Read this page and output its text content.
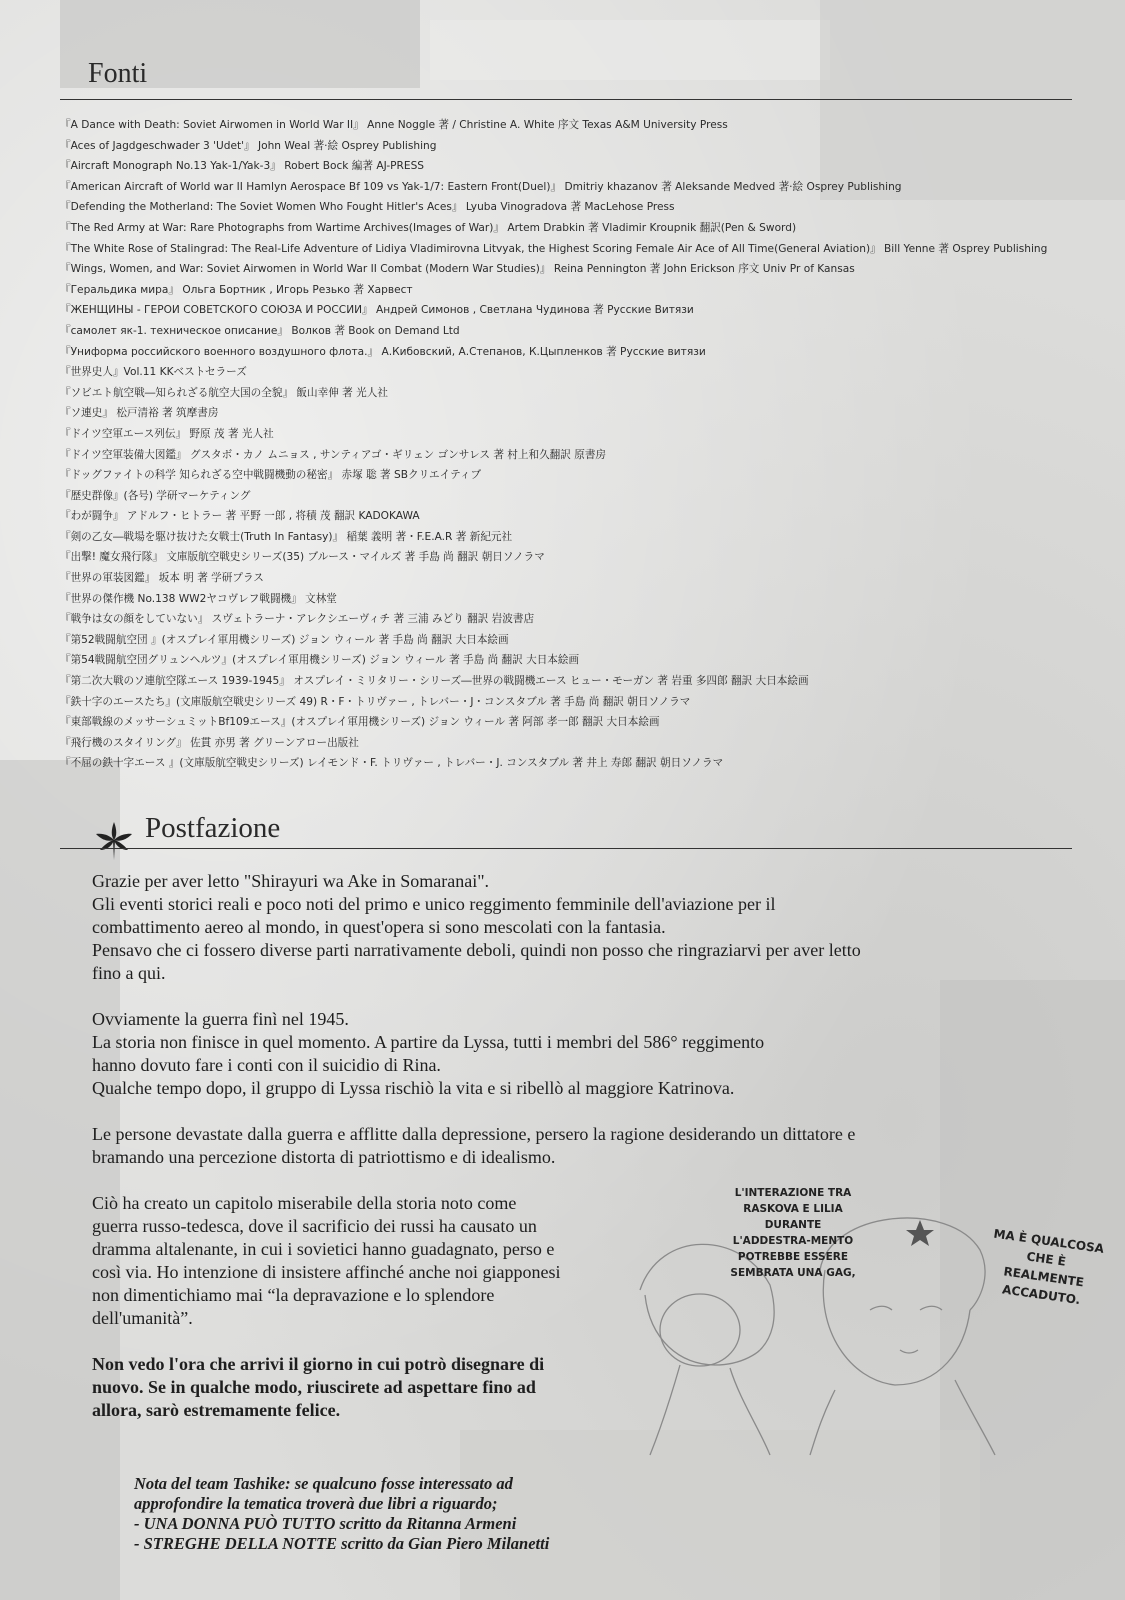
Fonti
『A Dance with Death: Soviet Airwomen in World War II』 Anne Noggle 著 / Christine A. White 序文 Texas A&M University Press
『Aces of Jagdgeschwader 3 'Udet'』 John Weal 著·絵 Osprey Publishing
『Aircraft Monograph No.13 Yak-1/Yak-3』 Robert Bock 編著 AJ-PRESS
『American Aircraft of World war II Hamlyn Aerospace Bf 109 vs Yak-1/7: Eastern Front(Duel)』 Dmitriy khazanov 著 Aleksande Medved 著·絵 Osprey Publishing
『Defending the Motherland: The Soviet Women Who Fought Hitler's Aces』 Lyuba Vinogradova 著 MacLehose Press
『The Red Army at War: Rare Photographs from Wartime Archives(Images of War)』 Artem Drabkin 著 Vladimir Kroupnik 翻訳(Pen & Sword)
『The White Rose of Stalingrad: The Real-Life Adventure of Lidiya Vladimirovna Litvyak, the Highest Scoring Female Air Ace of All Time(General Aviation)』 Bill Yenne 著 Osprey Publishing
『Wings, Women, and War: Soviet Airwomen in World War II Combat (Modern War Studies)』 Reina Pennington 著 John Erickson 序文 Univ Pr of Kansas
『Геральдика мира』 Ольга Бортник , Игорь Резько 著 Харвест
『ЖЕНЩИНЫ - ГЕРОИ СОВЕТСКОГО СОЮЗА И РОССИИ』 Андрей Симонов , Светлана Чудинова 著 Русские Витязи
『самолет як-1. техническое описание』 Волков 著 Book on Demand Ltd
『Униформа российского военного воздушного флота.』 А.Кибовский, А.Степанов, К.Цыпленков 著 Русские витязи
『世界史人』Vol.11 KKベストセラーズ
『ソビエト航空戦―知られざる航空大国の全貌』 飯山幸伸 著 光人社
『ソ連史』 松戸清裕 著 筑摩書房
『ドイツ空軍エース列伝』 野原 茂 著 光人社
『ドイツ空軍装備大図鑑』 グスタボ・カノ ムニョス , サンティアゴ・ギリェン ゴンサレス 著 村上和久翻訳 原書房
『ドッグファイトの科学 知られざる空中戦闘機動の秘密』 赤塚 聡 著 SBクリエイティブ
『歴史群像』(各号) 学研マーケティング
『わが闘争』 アドルフ・ヒトラー 著 平野 一郎 , 将積 茂 翻訳 KADOKAWA
『剣の乙女―戦場を駆け抜けた女戦士(Truth In Fantasy)』 稲葉 義明 著・F.E.A.R 著 新紀元社
『出撃! 魔女飛行隊』 文庫版航空戦史シリーズ(35) ブルース・マイルズ 著 手島 尚 翻訳 朝日ソノラマ
『世界の軍装図鑑』 坂本 明 著 学研プラス
『世界の傑作機 No.138 WW2ヤコヴレフ戦闘機』 文林堂
『戦争は女の顔をしていない』 スヴェトラーナ・アレクシエーヴィチ 著 三浦 みどり 翻訳 岩波書店
『第52戦闘航空団 』(オスプレイ軍用機シリーズ) ジョン ウィール 著 手島 尚 翻訳 大日本絵画
『第54戦闘航空団グリュンヘルツ』(オスプレイ軍用機シリーズ) ジョン ウィール 著 手島 尚 翻訳 大日本絵画
『第二次大戦のソ連航空隊エース 1939-1945』 オスプレイ・ミリタリー・シリーズ―世界の戦闘機エース ヒュー・モーガン 著 岩重 多四郎 翻訳 大日本絵画
『鉄十字のエースたち』(文庫版航空戦史シリーズ 49) R・F・トリヴァー , トレバー・J・コンスタブル 著 手島 尚 翻訳 朝日ソノラマ
『東部戦線のメッサーシュミットBf109エース』(オスプレイ軍用機シリーズ) ジョン ウィール 著 阿部 孝一郎 翻訳 大日本絵画
『飛行機のスタイリング』 佐貫 亦男 著 グリーンアロー出版社
『不屈の鉄十字エース 』(文庫版航空戦史シリーズ) レイモンド・F. トリヴァー , トレバー・J. コンスタブル 著 井上 寿郎 翻訳 朝日ソノラマ
Postfazione

Grazie per aver letto "Shirayuri wa Ake in Somaranai".

Gli eventi storici reali e poco noti del primo e unico reggimento femminile dell'aviazione per il combattimento aereo al mondo, in quest'opera si sono mescolati con la fantasia.

Pensavo che ci fossero diverse parti narrativamente deboli, quindi non posso che ringraziarvi per aver letto fino a qui.

Ovviamente la guerra finì nel 1945.

La storia non finisce in quel momento. A partire da Lyssa, tutti i membri del 586° reggimento hanno dovuto fare i conti con il suicidio di Rina.

Qualche tempo dopo, il gruppo di Lyssa rischiò la vita e si ribellò al maggiore Katrinova.

Le persone devastate dalla guerra e afflitte dalla depressione, persero la ragione desiderando un dittatore e bramando una percezione distorta di patriottismo e di idealismo.

Ciò ha creato un capitolo miserabile della storia noto come guerra russo-tedesca, dove il sacrificio dei russi ha causato un dramma altalenante, in cui i sovietici hanno guadagnato, perso e così via. Ho intenzione di insistere affinché anche noi giapponesi non dimentichiamo mai “la depravazione e lo splendore dell'umanità”.

Non vedo l'ora che arrivi il giorno in cui potrò disegnare di nuovo. Se in qualche modo, riuscirete ad aspettare fino ad allora, sarò estremamente felice.

L'INTERAZIONE TRA RASKOVA E LILIA DURANTE L'ADDESTRA-MENTO POTREBBE ESSERE SEMBRATA UNA GAG,

MA È QUALCOSA CHE È REALMENTE ACCADUTO.

Nota del team Tashike: se qualcuno fosse interessato ad

approfondire la tematica troverà due libri a riguardo;

- UNA DONNA PUÒ TUTTO scritto da Ritanna Armeni

- STREGHE DELLA NOTTE scritto da Gian Piero Milanetti
